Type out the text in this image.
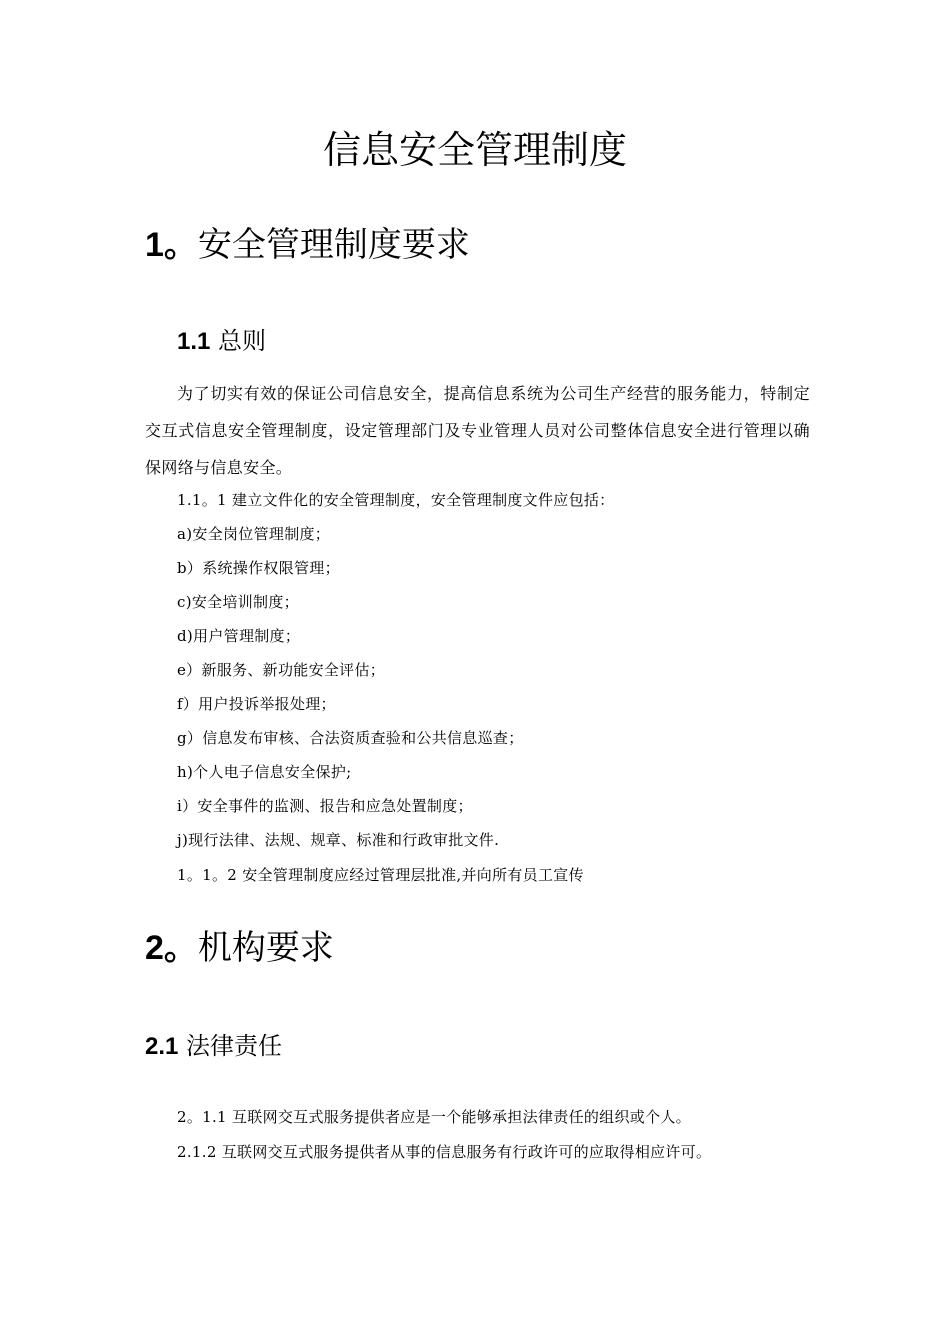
信息安全管理制度
1。安全管理制度要求
1.1 总则

为了切实有效的保证公司信息安全，提高信息系统为公司生产经营的服务能力，特制定交互式信息安全管理制度，设定管理部门及专业管理人员对公司整体信息安全进行管理以确保网络与信息安全。

1.1。1 建立文件化的安全管理制度，安全管理制度文件应包括：

a)安全岗位管理制度；

b）系统操作权限管理；

c)安全培训制度；

d)用户管理制度；

e）新服务、新功能安全评估；

f）用户投诉举报处理；

g）信息发布审核、合法资质查验和公共信息巡查；

h)个人电子信息安全保护;

i）安全事件的监测、报告和应急处置制度；

j)现行法律、法规、规章、标准和行政审批文件.

1。1。2 安全管理制度应经过管理层批准,并向所有员工宣传

2。机构要求
2.1 法律责任

2。1.1 互联网交互式服务提供者应是一个能够承担法律责任的组织或个人。

2.1.2 互联网交互式服务提供者从事的信息服务有行政许可的应取得相应许可。
